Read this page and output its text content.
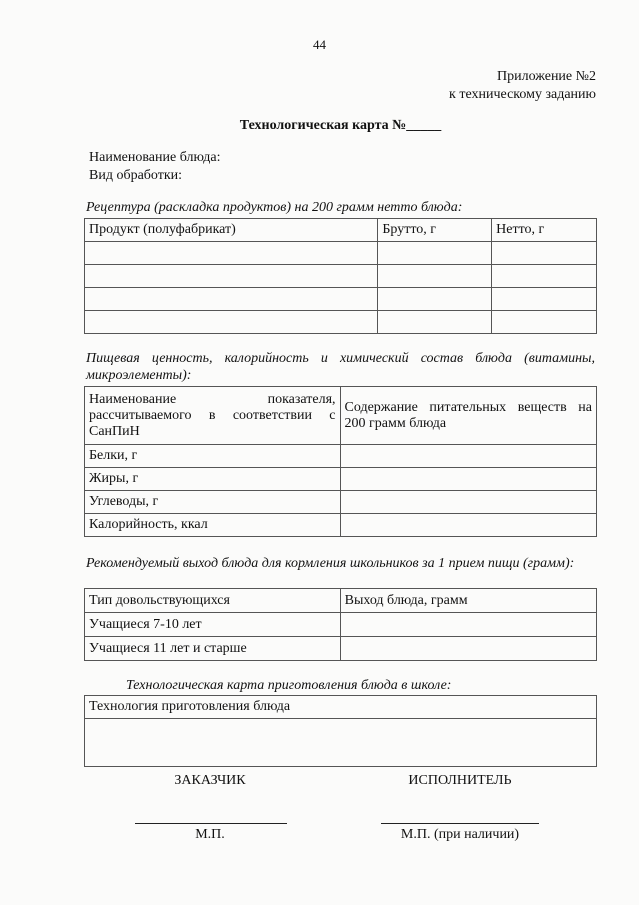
44
Приложение №2
к техническому заданию
Технологическая карта №_____
Наименование блюда:
Вид обработки:
Рецептура (раскладка продуктов) на 200 грамм нетто блюда:
Продукт (полуфабрикат)	Брутто, г	Нетто, г

Пищевая ценность, калорийность и химический состав блюда (витамины, микроэлементы):
Наименование показателя,
рассчитываемого в соответствии с
СанПиН	Содержание питательных веществ на 200 грамм блюда
Белки, г	
Жиры, г	
Углеводы, г	
Калорийность, ккал	
Рекомендуемый выход блюда для кормления школьников за 1 прием пищи (грамм):
Тип довольствующихся	Выход блюда, грамм
Учащиеся 7-10 лет	
Учащиеся 11 лет и старше	
Технологическая карта приготовления блюда в школе:
Технология приготовления блюда

ЗАКАЗЧИК	ИСПОЛНИТЕЛЬ
М.П.	М.П. (при наличии)
